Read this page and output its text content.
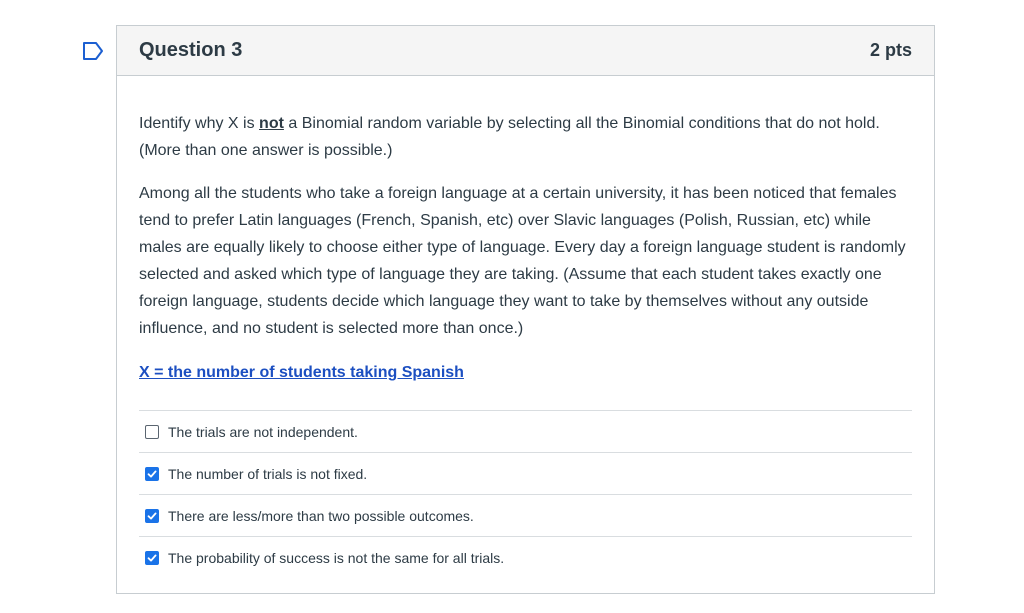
Question 3	2 pts

Identify why X is not a Binomial random variable by selecting all the Binomial conditions that do not hold. (More than one answer is possible.)

Among all the students who take a foreign language at a certain university, it has been noticed that females tend to prefer Latin languages (French, Spanish, etc) over Slavic languages (Polish, Russian, etc) while males are equally likely to choose either type of language. Every day a foreign language student is randomly selected and asked which type of language they are taking. (Assume that each student takes exactly one foreign language, students decide which language they want to take by themselves without any outside influence, and no student is selected more than once.)

X = the number of students taking Spanish
The trials are not independent.
The number of trials is not fixed.
There are less/more than two possible outcomes.
The probability of success is not the same for all trials.
